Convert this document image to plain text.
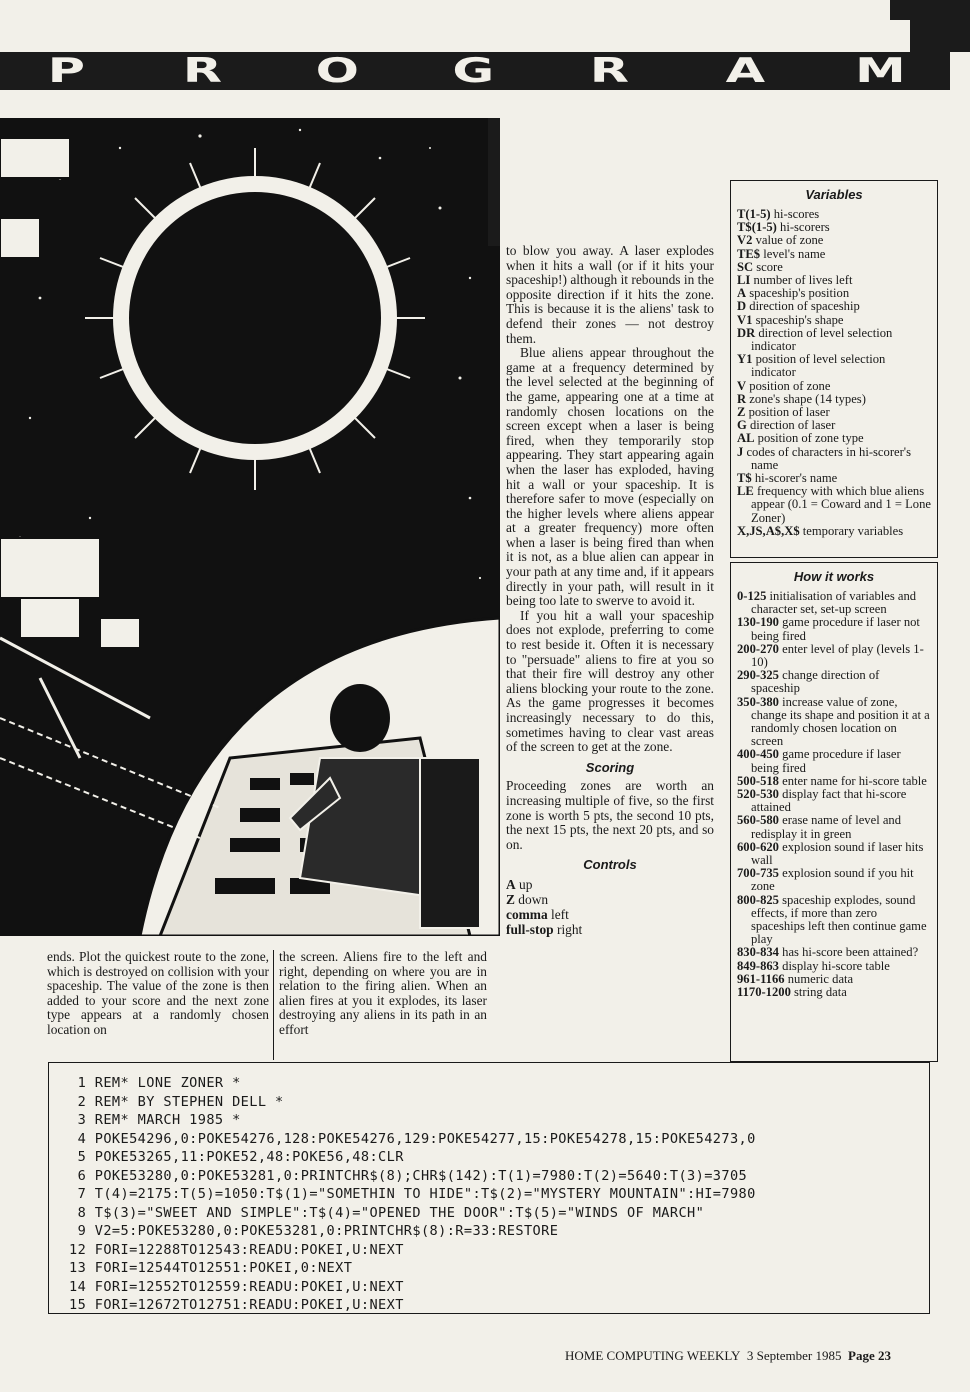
P	R	O	G	R	A	M

to blow you away. A laser explodes when it hits a wall (or if it hits your spaceship!) although it rebounds in the opposite direction if it hits the zone. This is because it is the aliens' task to defend their zones — not destroy them.

Blue aliens appear throughout the game at a frequency determined by the level selected at the beginning of the game, appearing one at a time at randomly chosen locations on the screen except when a laser is being fired, when they temporarily stop appearing. They start appearing again when the laser has exploded, having hit a wall or your spaceship. It is therefore safer to move (especially on the higher levels where aliens appear at a greater frequency) more often when a laser is being fired than when it is not, as a blue alien can appear in your path at any time and, if it appears directly in your path, will result in it being too late to swerve to avoid it.

If you hit a wall your spaceship does not explode, preferring to come to rest beside it. Often it is necessary to "persuade" aliens to fire at you so that their fire will destroy any other aliens blocking your route to the zone. As the game progresses it becomes increasingly necessary to do this, sometimes having to clear vast areas of the screen to get at the zone.

Scoring

Proceeding zones are worth an increasing multiple of five, so the first zone is worth 5 pts, the second 10 pts, the next 15 pts, the next 20 pts, and so on.

Controls
A up
Z down
comma left
full-stop right

ends. Plot the quickest route to the zone, which is destroyed on collision with your spaceship. The value of the zone is then added to your score and the next zone type appears at a randomly chosen location on

the screen. Aliens fire to the left and right, depending on where you are in relation to the firing alien. When an alien fires at you it explodes, its laser destroying any aliens in its path in an effort

Variables

T(1-5) hi-scores

T$(1-5) hi-scorers

V2 value of zone

TE$ level's name

SC score

LI number of lives left

A spaceship's position

D direction of spaceship

V1 spaceship's shape

DR direction of level selection indicator

Y1 position of level selection indicator

V position of zone

R zone's shape (14 types)

Z position of laser

G direction of laser

AL position of zone type

J codes of characters in hi-scorer's name

T$ hi-scorer's name

LE frequency with which blue aliens appear (0.1 = Coward and 1 = Lone Zoner)

X,JS,A$,X$ temporary variables

How it works

0-125 initialisation of variables and character set, set-up screen

130-190 game procedure if laser not being fired

200-270 enter level of play (levels 1-10)

290-325 change direction of spaceship

350-380 increase value of zone, change its shape and position it at a randomly chosen location on screen

400-450 game procedure if laser being fired

500-518 enter name for hi-score table

520-530 display fact that hi-score attained

560-580 erase name of level and redisplay it in green

600-620 explosion sound if laser hits wall

700-735 explosion sound if you hit zone

800-825 spaceship explodes, sound effects, if more than zero spaceships left then continue game play

830-834 has hi-score been attained?

849-863 display hi-score table

961-1166 numeric data

1170-1200 string data

1 REM* LONE ZONER *
2 REM* BY STEPHEN DELL *
3 REM* MARCH 1985 *
4 POKE54296,0:POKE54276,128:POKE54276,129:POKE54277,15:POKE54278,15:POKE54273,0
5 POKE53265,11:POKE52,48:POKE56,48:CLR
6 POKE53280,0:POKE53281,0:PRINTCHR$(8);CHR$(142):T(1)=7980:T(2)=5640:T(3)=3705
7 T(4)=2175:T(5)=1050:T$(1)="SOMETHIN TO HIDE":T$(2)="MYSTERY MOUNTAIN":HI=7980
8 T$(3)="SWEET AND SIMPLE":T$(4)="OPENED THE DOOR":T$(5)="WINDS OF MARCH"
9 V2=5:POKE53280,0:POKE53281,0:PRINTCHR$(8):R=33:RESTORE
12 FORI=12288TO12543:READU:POKEI,U:NEXT
13 FORI=12544TO12551:POKEI,0:NEXT
14 FORI=12552TO12559:READU:POKEI,U:NEXT
15 FORI=12672TO12751:READU:POKEI,U:NEXT
HOME COMPUTING WEEKLY 3 September 1985 Page 23
